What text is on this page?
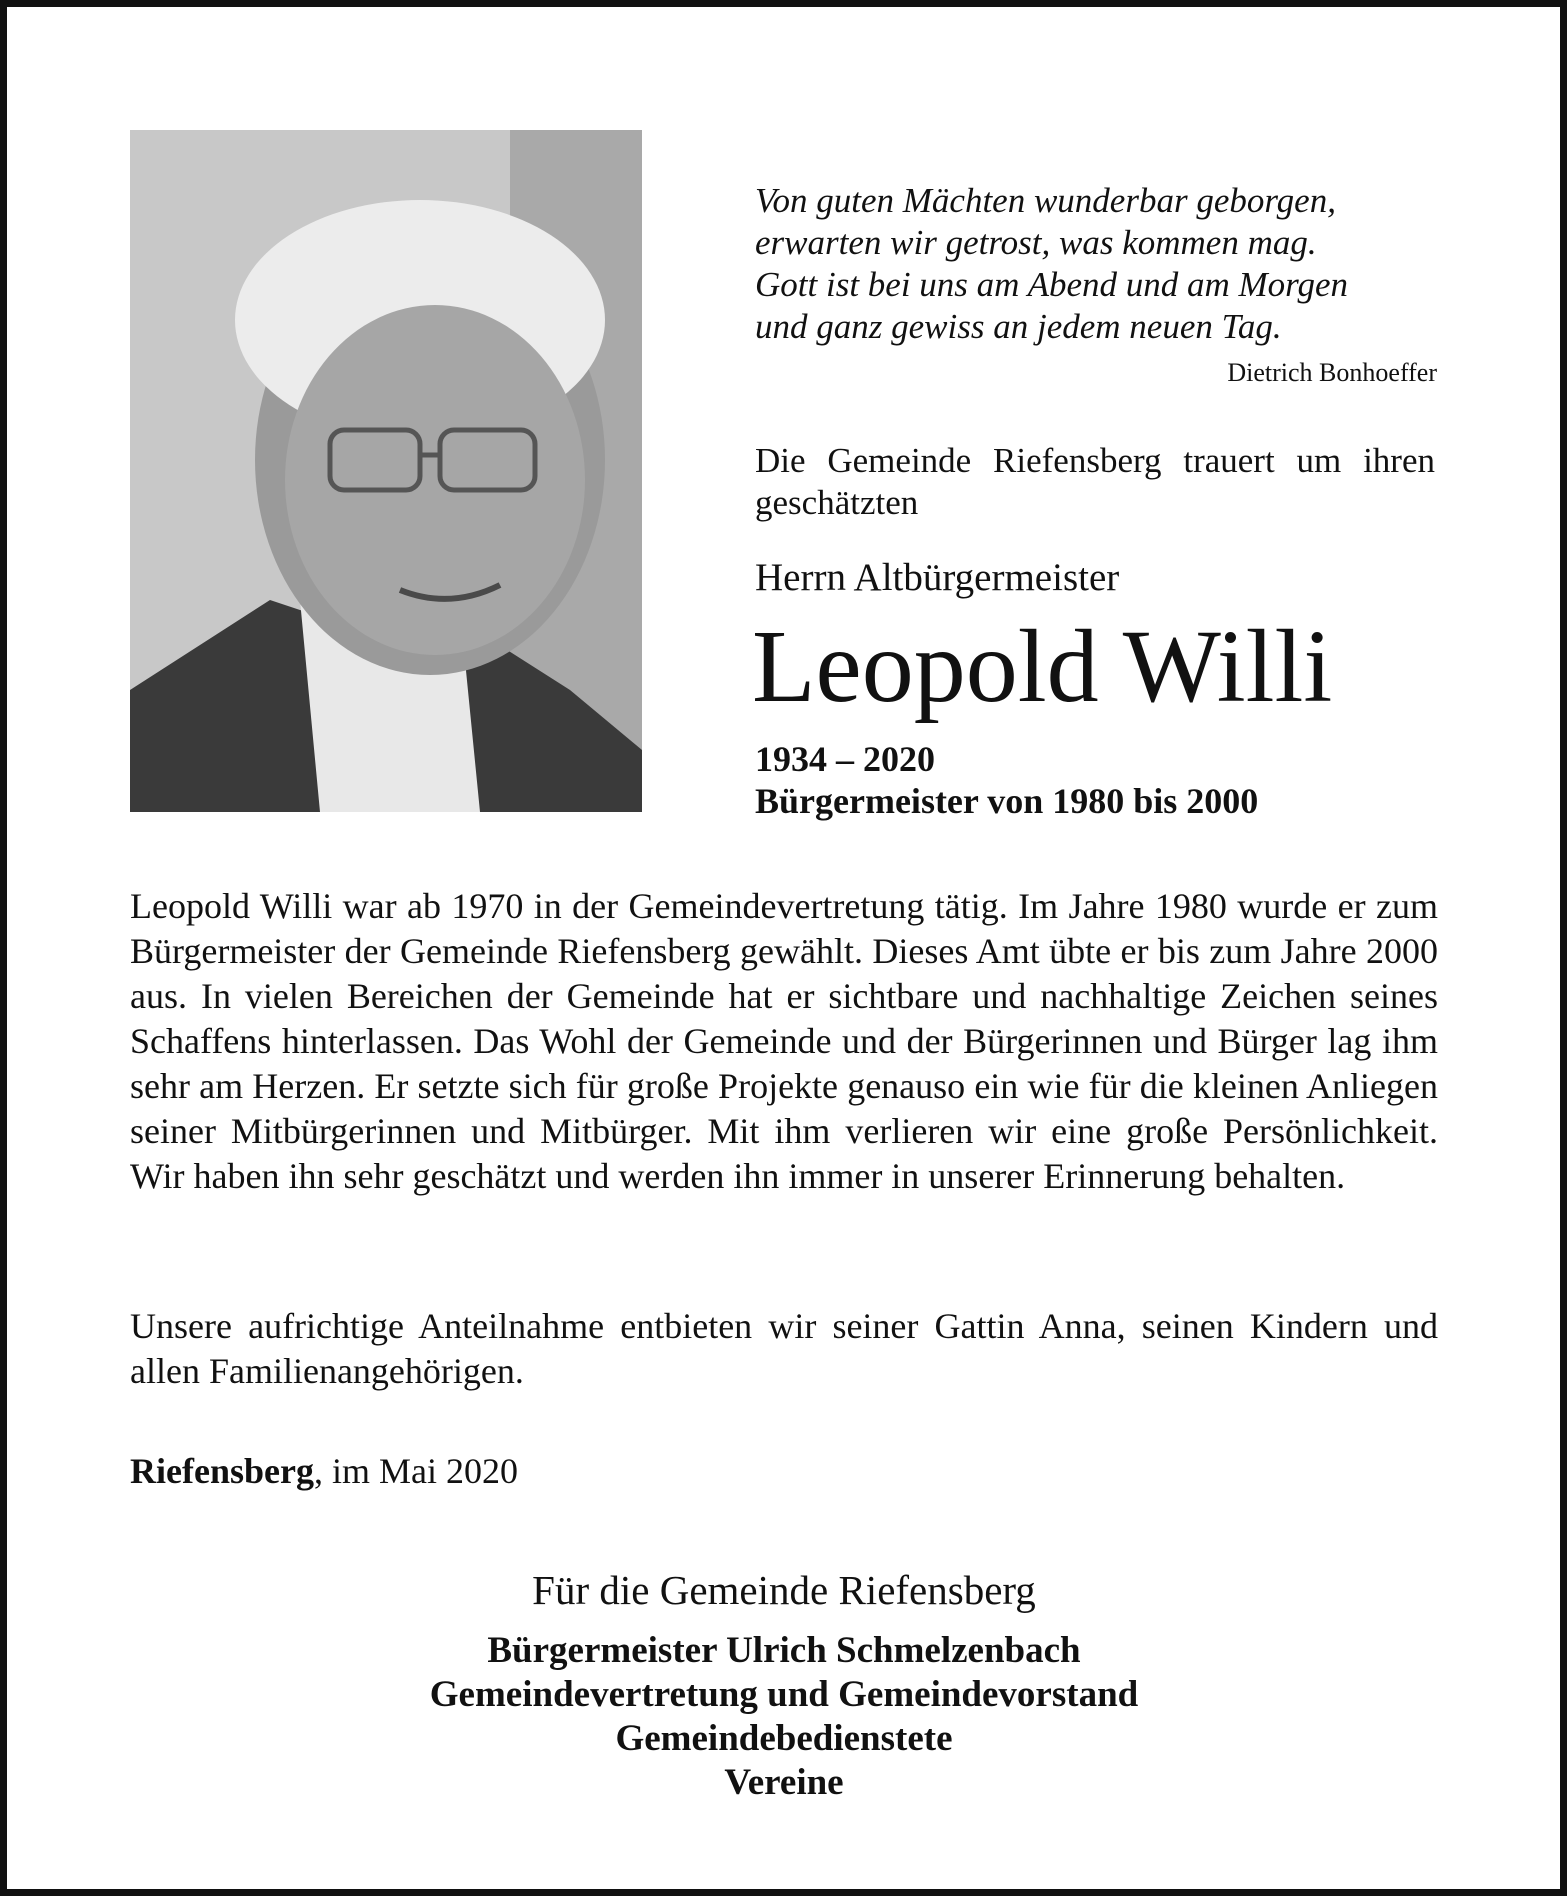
Von guten Mächten wunderbar geborgen,
erwarten wir getrost, was kommen mag.
Gott ist bei uns am Abend und am Morgen
und ganz gewiss an jedem neuen Tag.
Dietrich Bonhoeffer
Die Gemeinde Riefensberg trauert um ihren geschätzten
Herrn Altbürgermeister
Leopold Willi
1934 – 2020
Bürgermeister von 1980 bis 2000

Leopold Willi war ab 1970 in der Gemeindevertretung tätig. Im Jahre 1980 wurde er zum Bürgermeister der Gemeinde Riefensberg gewählt. Dieses Amt übte er bis zum Jahre 2000 aus. In vielen Bereichen der Gemeinde hat er sichtbare und nachhaltige Zeichen seines Schaffens hinterlassen. Das Wohl der Gemeinde und der Bürgerinnen und Bürger lag ihm sehr am Herzen. Er setzte sich für große Projekte genauso ein wie für die kleinen Anliegen seiner Mitbürgerinnen und Mitbürger. Mit ihm verlieren wir eine große Persönlichkeit. Wir haben ihn sehr geschätzt und werden ihn immer in unserer Erinnerung behalten.

Unsere aufrichtige Anteilnahme entbieten wir seiner Gattin Anna, seinen Kindern und allen Familienangehörigen.

Riefensberg, im Mai 2020
Für die Gemeinde Riefensberg
Bürgermeister Ulrich Schmelzenbach
Gemeindevertretung und Gemeindevorstand
Gemeindebedienstete
Vereine
